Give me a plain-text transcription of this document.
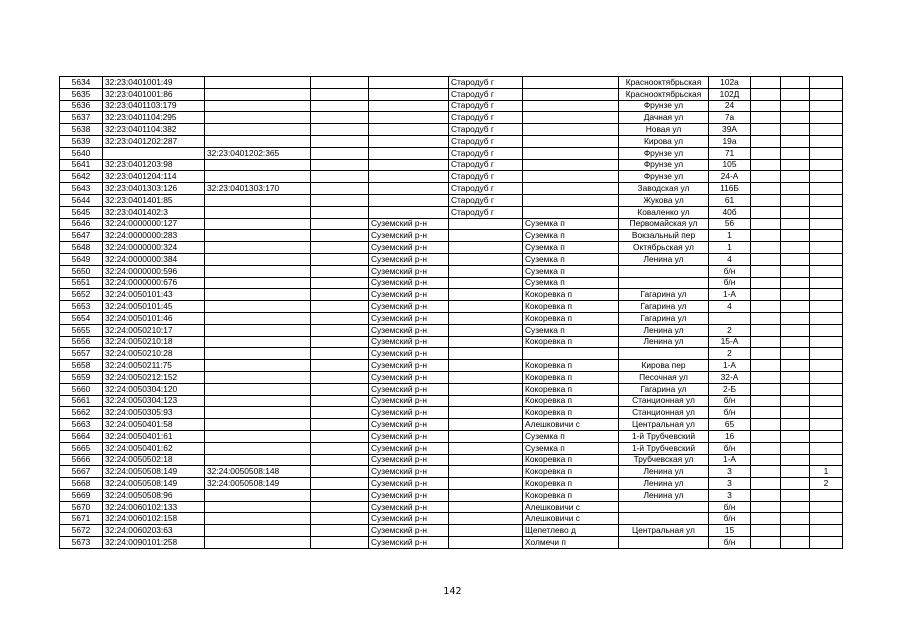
5634	32:23:0401001:49				Стародуб г		Краснооктябрьская	102а			
5635	32:23:0401001:86				Стародуб г		Краснооктябрьская	102Д			
5636	32:23:0401103:179				Стародуб г		Фрунзе ул	24			
5637	32:23:0401104:295				Стародуб г		Дачная ул	7а			
5638	32:23:0401104:382				Стародуб г		Новая ул	39А			
5639	32:23:0401202:287				Стародуб г		Кирова ул	19а			
5640		32:23:0401202:365			Стародуб г		Фрунзе ул	71			
5641	32:23:0401203:98				Стародуб г		Фрунзе ул	105			
5642	32:23:0401204:114				Стародуб г		Фрунзе ул	24-А			
5643	32:23:0401303:126	32:23:0401303:170			Стародуб г		Заводская ул	116Б			
5644	32:23:0401401:85				Стародуб г		Жукова ул	61			
5645	32:23:0401402:3				Стародуб г		Коваленко ул	40б			
5646	32:24:0000000:127			Суземский р-н		Суземка п	Первомайская ул	56			
5647	32:24:0000000:283			Суземский р-н		Суземка п	Вокзальный пер	1			
5648	32:24:0000000:324			Суземский р-н		Суземка п	Октябрьская ул	1			
5649	32:24:0000000:384			Суземский р-н		Суземка п	Ленина ул	4			
5650	32:24:0000000:596			Суземский р-н		Суземка п		б/н			
5651	32:24:0000000:676			Суземский р-н		Суземка п		б/н			
5652	32:24:0050101:43			Суземский р-н		Кокоревка п	Гагарина ул	1-А			
5653	32:24:0050101:45			Суземский р-н		Кокоревка п	Гагарина ул	4			
5654	32:24:0050101:46			Суземский р-н		Кокоревка п	Гагарина ул				
5655	32:24:0050210:17			Суземский р-н		Суземка п	Ленина ул	2			
5656	32:24:0050210:18			Суземский р-н		Кокоревка п	Ленина ул	15-А			
5657	32:24:0050210:28			Суземский р-н				2			
5658	32:24:0050211:75			Суземский р-н		Кокоревка п	Кирова пер	1-А			
5659	32:24:0050212:152			Суземский р-н		Кокоревка п	Песочная ул	32-А			
5660	32:24:0050304:120			Суземский р-н		Кокоревка п	Гагарина ул	2-Б			
5661	32:24:0050304:123			Суземский р-н		Кокоревка п	Станционная ул	б/н			
5662	32:24:0050305:93			Суземский р-н		Кокоревка п	Станционная ул	б/н			
5663	32:24:0050401:58			Суземский р-н		Алешковичи с	Центральная ул	65			
5664	32:24:0050401:61			Суземский р-н		Суземка п	1-й Трубчевский	16			
5665	32:24:0050401:62			Суземский р-н		Суземка п	1-й Трубчевский	б/н			
5666	32:24:0050502:18			Суземский р-н		Кокоревка п	Трубчевская ул	1-А			
5667	32:24:0050508:149	32:24:0050508:148		Суземский р-н		Кокоревка п	Ленина ул	3			1
5668	32:24:0050508:149	32:24:0050508:149		Суземский р-н		Кокоревка п	Ленина ул	3			2
5669	32:24:0050508:96			Суземский р-н		Кокоревка п	Ленина ул	3			
5670	32:24:0060102:133			Суземский р-н		Алешковичи с		б/н			
5671	32:24:0060102:158			Суземский р-н		Алешковичи с		б/н			
5672	32:24:0060203:63			Суземский р-н		Щепетлево д	Центральная ул	15			
5673	32:24:0090101:258			Суземский р-н		Холмечи п		б/н			
142
